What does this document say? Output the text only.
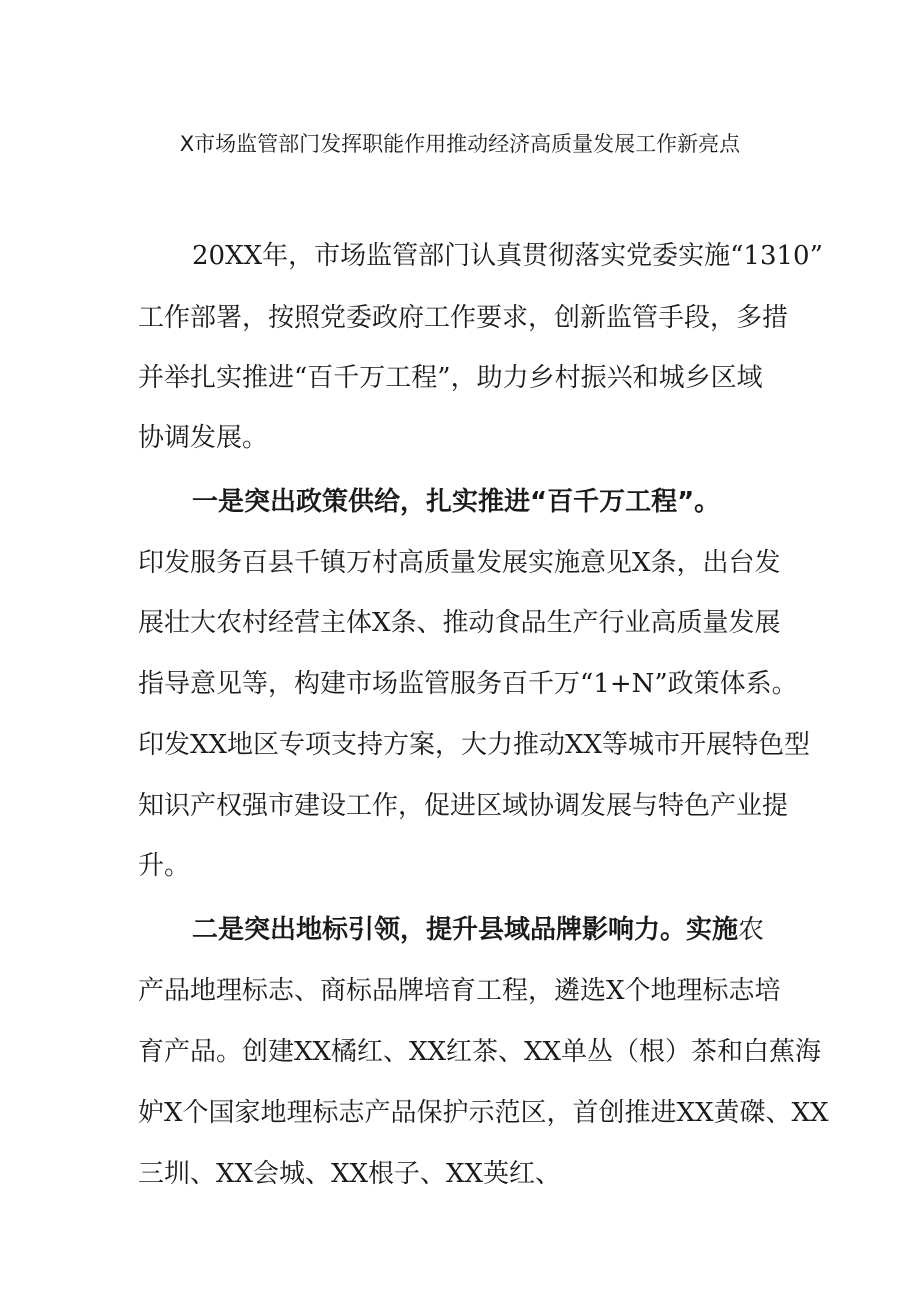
X市场监管部门发挥职能作用推动经济高质量发展工作新亮点
20XX年，市场监管部门认真贯彻落实党委实施“1310”
工作部署，按照党委政府工作要求，创新监管手段，多措
并举扎实推进“百千万工程”，助力乡村振兴和城乡区域
协调发展。
一是突出政策供给，扎实推进“百千万工程”。
印发服务百县千镇万村高质量发展实施意见X条，出台发
展壮大农村经营主体X条、推动食品生产行业高质量发展
指导意见等，构建市场监管服务百千万“1+N”政策体系。
印发XX地区专项支持方案，大力推动XX等城市开展特色型
知识产权强市建设工作，促进区域协调发展与特色产业提
升。
二是突出地标引领，提升县域品牌影响力。实施农
产品地理标志、商标品牌培育工程，遴选X个地理标志培
育产品。创建XX橘红、XX红茶、XX单丛（根）茶和白蕉海
妒X个国家地理标志产品保护示范区，首创推进XX黄磔、XX
三圳、XX会城、XX根子、XX英红、
